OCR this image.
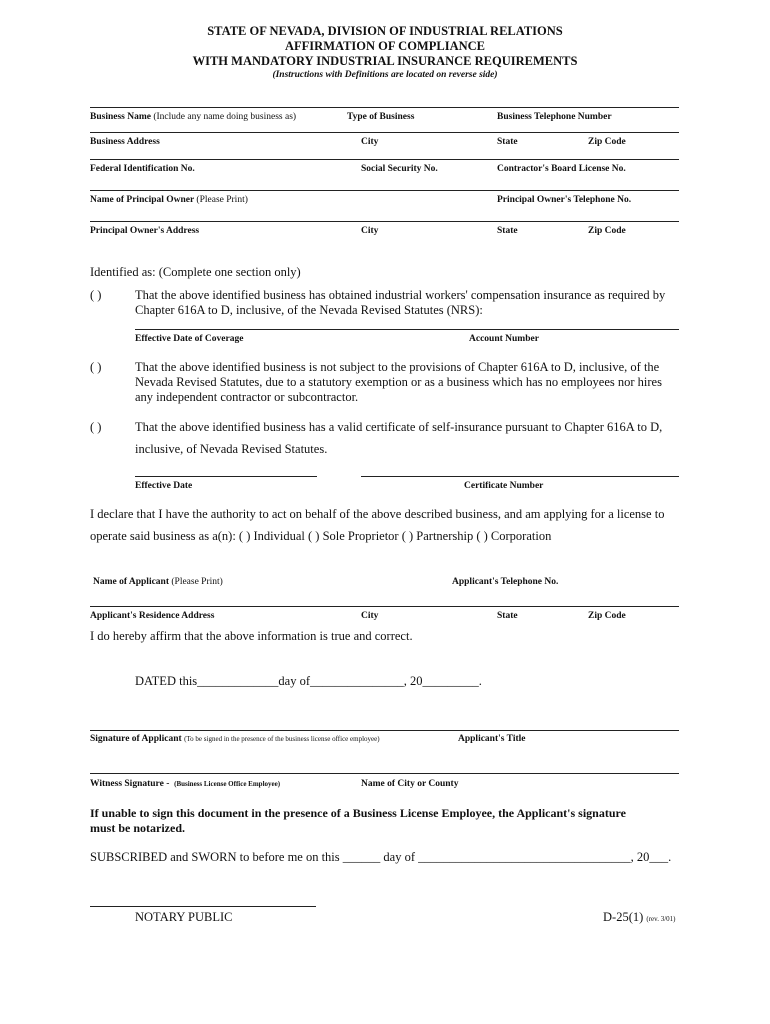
STATE OF NEVADA, DIVISION OF INDUSTRIAL RELATIONS
AFFIRMATION OF COMPLIANCE
WITH MANDATORY INDUSTRIAL INSURANCE REQUIREMENTS
(Instructions with Definitions are located on reverse side)
Business Name (Include any name doing business as)	Type of Business	Business Telephone Number
Business Address	City	State	Zip Code
Federal Identification No.	Social Security No.	Contractor's Board License No.
Name of Principal Owner (Please Print)	Principal Owner's Telephone No.
Principal Owner's Address	City	State	Zip Code
Identified as: (Complete one section only)
( )	That the above identified business has obtained industrial workers' compensation insurance as required by
Chapter 616A to D, inclusive, of the Nevada Revised Statutes (NRS):
Effective Date of Coverage	Account Number
( )	That the above identified business is not subject to the provisions of Chapter 616A to D, inclusive, of the
Nevada Revised Statutes, due to a statutory exemption or as a business which has no employees nor hires
any independent contractor or subcontractor.
( )	That the above identified business has a valid certificate of self-insurance pursuant to Chapter 616A to D,
inclusive, of Nevada Revised Statutes.
Effective Date	Certificate Number
I declare that I have the authority to act on behalf of the above described business, and am applying for a license to
operate said business as a(n): ( ) Individual ( ) Sole Proprietor ( ) Partnership ( ) Corporation
Name of Applicant (Please Print)	Applicant's Telephone No.
Applicant's Residence Address	City	State	Zip Code
I do hereby affirm that the above information is true and correct.
DATED this_____________day of_______________, 20_________.
Signature of Applicant (To be signed in the presence of the business license office employee)	Applicant's Title
Witness Signature - (Business License Office Employee)	Name of City or County
If unable to sign this document in the presence of a Business License Employee, the Applicant's signature
must be notarized.
SUBSCRIBED and SWORN to before me on this ______ day of __________________________________, 20___.
NOTARY PUBLIC	D-25(1) (rev. 3/01)
